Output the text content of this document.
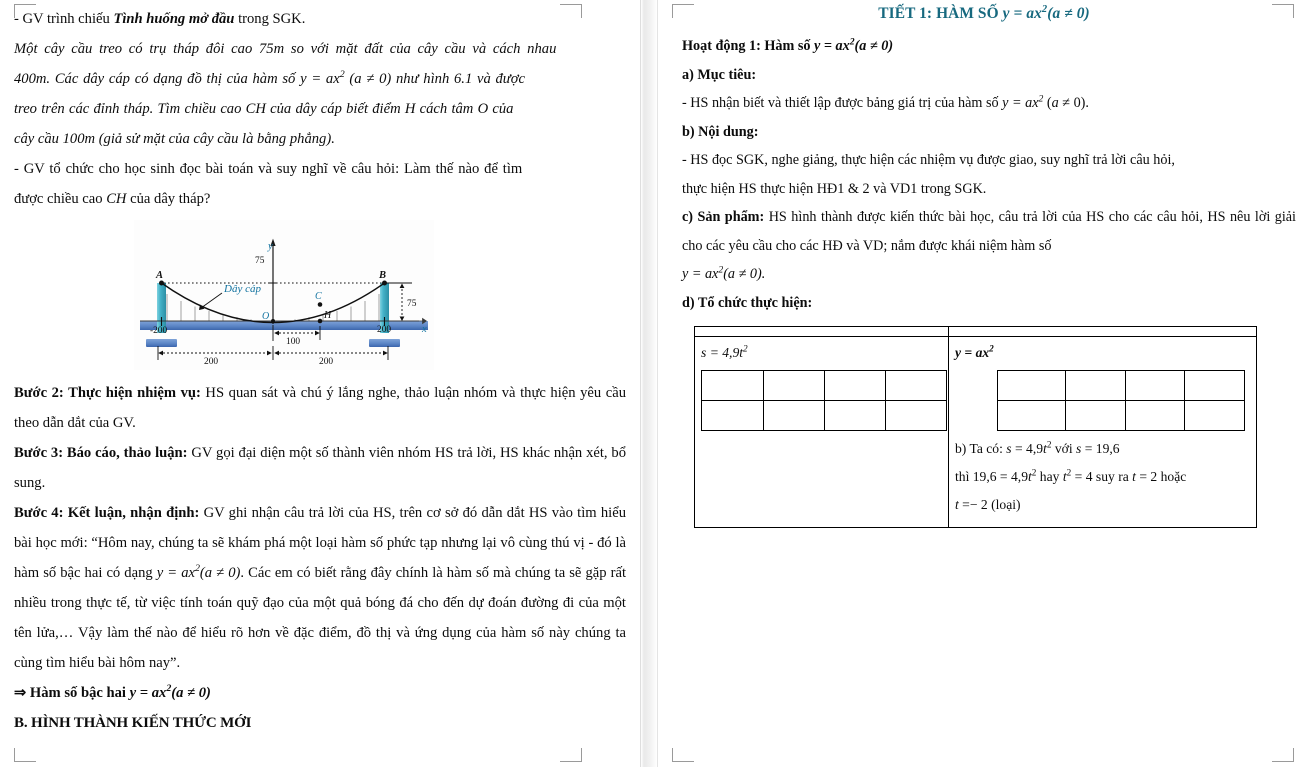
- GV trình chiếu Tình huống mở đầu trong SGK.

Một cây cầu treo có trụ tháp đôi cao 75m so với mặt đất của cây cầu và cách nhau

400m. Các dây cáp có dạng đồ thị của hàm số $y = ax^2$ (a ≠ 0) như hình 6.1 và được

treo trên các đỉnh tháp. Tìm chiều cao CH của dây cáp biết điểm H cách tâm O của

cây cầu 100m (giả sử mặt của cây cầu là bằng phẳng).

- GV tổ chức cho học sinh đọc bài toán và suy nghĩ về câu hỏi: Làm thế nào để tìm

được chiều cao CH của dây tháp?

A	B
C
H
O
y
x
75
-200	200
75
100
200	200
Dây cáp

Bước 2: Thực hiện nhiệm vụ: HS quan sát và chú ý lắng nghe, thảo luận nhóm và thực hiện yêu cầu theo dẫn dắt của GV.

Bước 3: Báo cáo, thảo luận: GV gọi đại diện một số thành viên nhóm HS trả lời, HS khác nhận xét, bổ sung.

Bước 4: Kết luận, nhận định: GV ghi nhận câu trả lời của HS, trên cơ sở đó dẫn dắt HS vào tìm hiểu bài học mới: “Hôm nay, chúng ta sẽ khám phá một loại hàm số phức tạp nhưng lại vô cùng thú vị - đó là hàm số bậc hai có dạng $y = ax^2(a \ne 0)$. Các em có biết rằng đây chính là hàm số mà chúng ta sẽ gặp rất nhiều trong thực tế, từ việc tính toán quỹ đạo của một quả bóng đá cho đến dự đoán đường đi của một tên lửa,… Vậy làm thế nào để hiểu rõ hơn về đặc điểm, đồ thị và ứng dụng của hàm số này chúng ta cùng tìm hiểu bài hôm nay”.

⇒ Hàm số bậc hai $y = ax^2(a \ne 0)$

B. HÌNH THÀNH KIẾN THỨC MỚI

TIẾT 1: HÀM SỐ $y = ax^2(a \ne 0)$

Hoạt động 1: Hàm số $y = ax^2(a \ne 0)$

a) Mục tiêu:

- HS nhận biết và thiết lập được bảng giá trị của hàm số $y = ax^2$ (a ≠ 0).

b) Nội dung:

- HS đọc SGK, nghe giảng, thực hiện các nhiệm vụ được giao, suy nghĩ trả lời câu hỏi,

thực hiện HS thực hiện HĐ1 & 2 và VD1 trong SGK.

c) Sản phẩm: HS hình thành được kiến thức bài học, câu trả lời của HS cho các câu hỏi, HS nêu lời giải cho các yêu cầu cho các HĐ và VD; nắm được khái niệm hàm số

$y = ax^2(a \ne 0)$.

d) Tổ chức thực hiện:

$s = 4,9t^2$							$y = ax^2$

b) Ta có: $s = 4,9t^2$ với s = 19,6

thì $19,6 = 4,9t^2$ hay $t^2 = 4$ suy ra t = 2 hoặc

t =− 2 (loại)
